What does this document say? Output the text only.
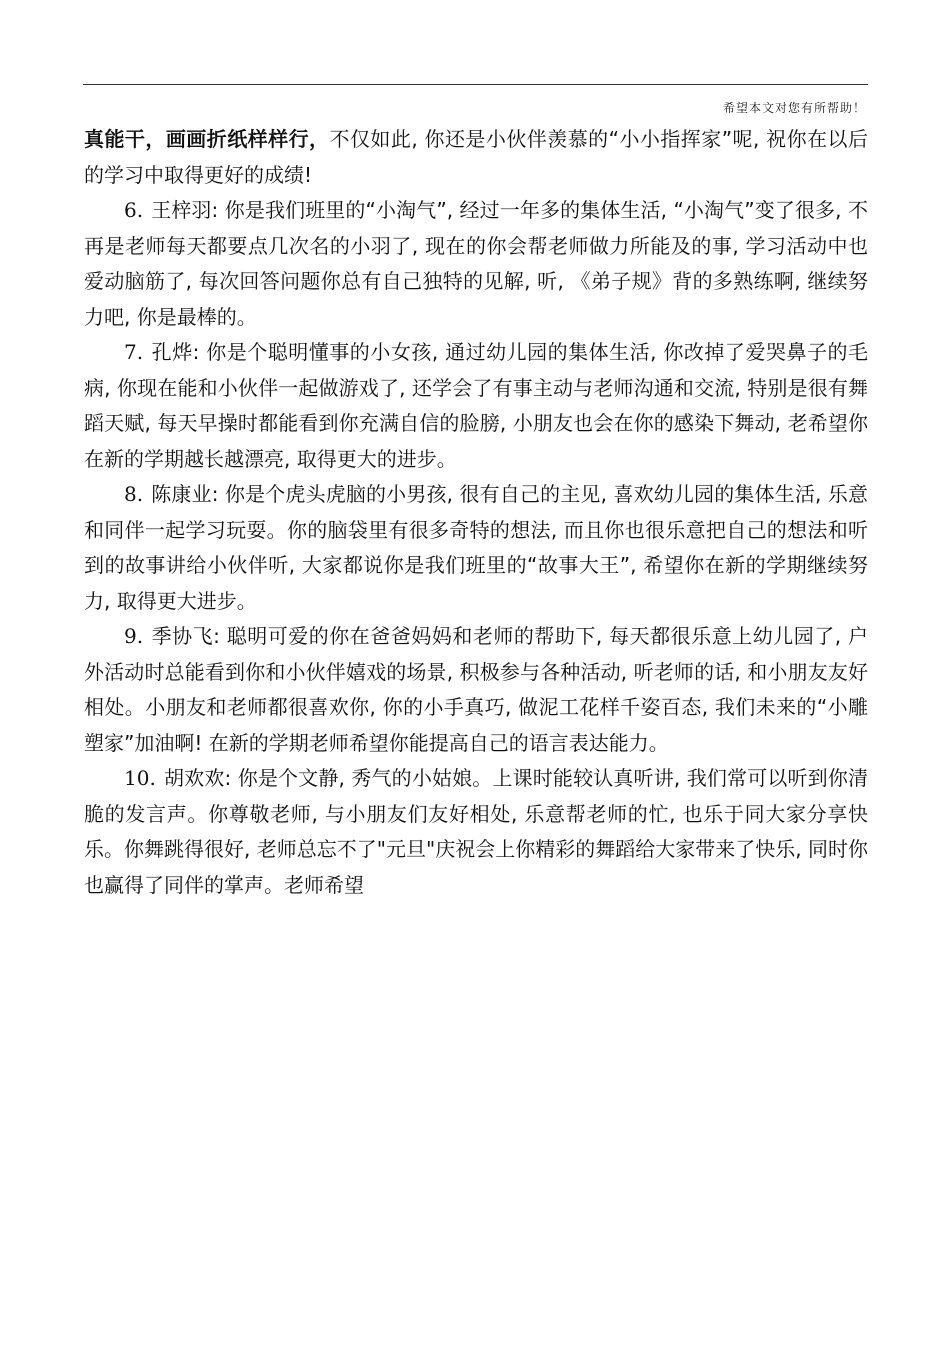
希望本文对您有所帮助！

真能干，画画折纸样样行，不仅如此, 你还是小伙伴羡慕的“小小指挥家”呢, 祝你在以后的学习中取得更好的成绩!

6. 王梓羽: 你是我们班里的“小淘气”, 经过一年多的集体生活, “小淘气”变了很多, 不再是老师每天都要点几次名的小羽了, 现在的你会帮老师做力所能及的事, 学习活动中也爱动脑筋了, 每次回答问题你总有自己独特的见解, 听, 《弟子规》背的多熟练啊, 继续努力吧, 你是最棒的。

7. 孔烨: 你是个聪明懂事的小女孩, 通过幼儿园的集体生活, 你改掉了爱哭鼻子的毛病, 你现在能和小伙伴一起做游戏了, 还学会了有事主动与老师沟通和交流, 特别是很有舞蹈天赋, 每天早操时都能看到你充满自信的脸膀, 小朋友也会在你的感染下舞动, 老希望你在新的学期越长越漂亮, 取得更大的进步。

8. 陈康业: 你是个虎头虎脑的小男孩, 很有自己的主见, 喜欢幼儿园的集体生活, 乐意和同伴一起学习玩耍。你的脑袋里有很多奇特的想法, 而且你也很乐意把自己的想法和听到的故事讲给小伙伴听, 大家都说你是我们班里的“故事大王”, 希望你在新的学期继续努力, 取得更大进步。

9. 季协飞: 聪明可爱的你在爸爸妈妈和老师的帮助下, 每天都很乐意上幼儿园了, 户外活动时总能看到你和小伙伴嬉戏的场景, 积极参与各种活动, 听老师的话, 和小朋友友好相处。小朋友和老师都很喜欢你, 你的小手真巧, 做泥工花样千姿百态, 我们未来的“小雕塑家”加油啊! 在新的学期老师希望你能提高自己的语言表达能力。

10. 胡欢欢: 你是个文静, 秀气的小姑娘。上课时能较认真听讲, 我们常可以听到你清脆的发言声。你尊敬老师, 与小朋友们友好相处, 乐意帮老师的忙, 也乐于同大家分享快乐。你舞跳得很好, 老师总忘不了"元旦"庆祝会上你精彩的舞蹈给大家带来了快乐, 同时你也赢得了同伴的掌声。老师希望
